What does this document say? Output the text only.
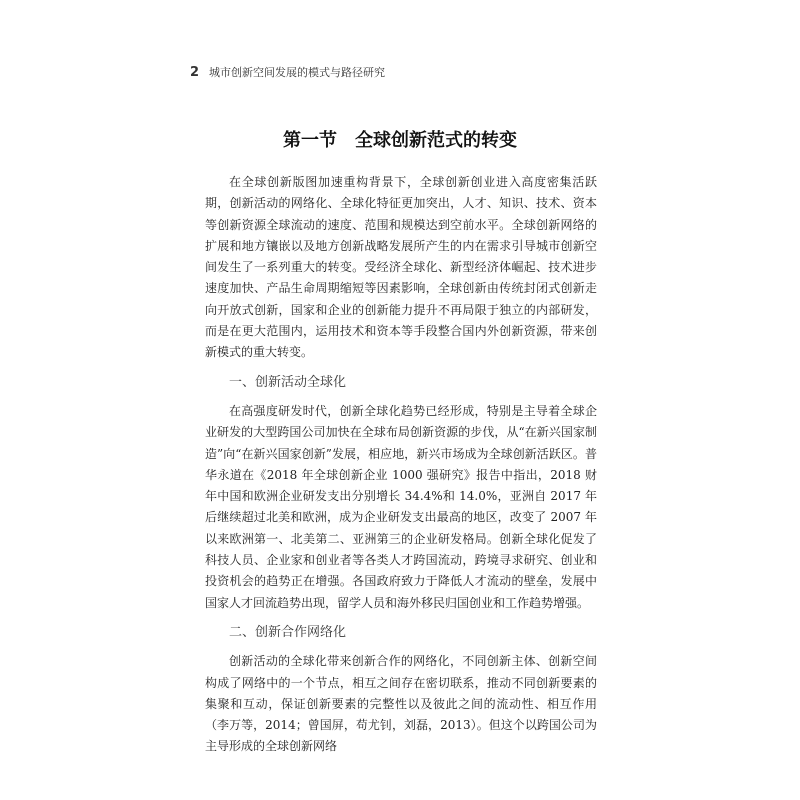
2 城市创新空间发展的模式与路径研究
第一节 全球创新范式的转变

在全球创新版图加速重构背景下，全球创新创业进入高度密集活跃期，创新活动的网络化、全球化特征更加突出，人才、知识、技术、资本等创新资源全球流动的速度、范围和规模达到空前水平。全球创新网络的扩展和地方镶嵌以及地方创新战略发展所产生的内在需求引导城市创新空间发生了一系列重大的转变。受经济全球化、新型经济体崛起、技术进步速度加快、产品生命周期缩短等因素影响，全球创新由传统封闭式创新走向开放式创新，国家和企业的创新能力提升不再局限于独立的内部研发，而是在更大范围内，运用技术和资本等手段整合国内外创新资源，带来创新模式的重大转变。

一、创新活动全球化

在高强度研发时代，创新全球化趋势已经形成，特别是主导着全球企业研发的大型跨国公司加快在全球布局创新资源的步伐，从“在新兴国家制造”向“在新兴国家创新”发展，相应地，新兴市场成为全球创新活跃区。普华永道在《2018 年全球创新企业 1000 强研究》报告中指出，2018 财年中国和欧洲企业研发支出分别增长 34.4%和 14.0%，亚洲自 2017 年后继续超过北美和欧洲，成为企业研发支出最高的地区，改变了 2007 年以来欧洲第一、北美第二、亚洲第三的企业研发格局。创新全球化促发了科技人员、企业家和创业者等各类人才跨国流动，跨境寻求研究、创业和投资机会的趋势正在增强。各国政府致力于降低人才流动的壁垒，发展中国家人才回流趋势出现，留学人员和海外移民归国创业和工作趋势增强。

二、创新合作网络化

创新活动的全球化带来创新合作的网络化，不同创新主体、创新空间构成了网络中的一个节点，相互之间存在密切联系，推动不同创新要素的集聚和互动，保证创新要素的完整性以及彼此之间的流动性、相互作用（李万等，2014；曾国屏，苟尤钊，刘磊，2013）。但这个以跨国公司为主导形成的全球创新网络
